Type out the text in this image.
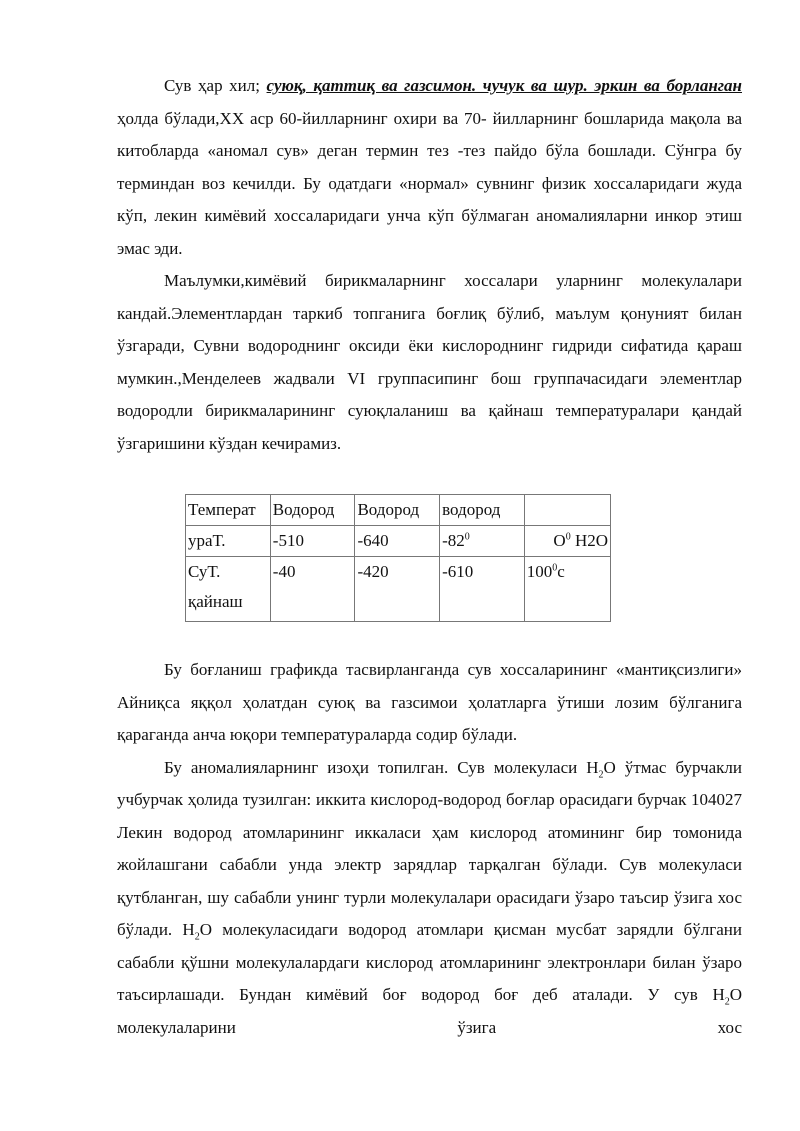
Сув ҳар хил; суюқ, қаттиқ ва газсимон. чучук ва шур. эркин ва борланган ҳолда бўлади,XX аср 60-йилларнинг охири ва 70- йилларнинг бошларида мақола ва китобларда «аномал сув» деган термин тез -тез пайдо бўла бошлади. Сўнгра бу терминдан воз кечилди. Бу одатдаги «нормал» сувнинг физик хоссаларидаги жуда кўп, лекин кимёвий хоссаларидаги унча кўп бўлмаган аномалияларни инкор этиш эмас эди.

Маълумки,кимёвий бирикмаларнинг хоссалари уларнинг молекулалари кандай.Элементлардан таркиб топганига боғлиқ бўлиб, маълум қонуният билан ўзгаради, Сувни водороднинг оксиди ёки кислороднинг гидриди сифатида қараш мумкин.,Менделеев жадвали VI группасипинг бош группачасидаги элементлар водородли бирикмаларининг суюқлаланиш ва қайнаш температуралари қандай ўзгаришини кўздан кечирамиз.

Температ	Водород	Водород	водород	
ураТ.	-510	-640	$-82^0$	$O^0$ H2O
СуТ.
қайнаш	-40	-420	-610	$100^0c$

Бу боғланиш графикда тасвирланганда сув хоссаларининг «мантиқсизлиги» Айниқса яққол ҳолатдан суюқ ва газсимои ҳолатларга ўтиши лозим бўлганига қараганда анча юқори температураларда содир бўлади.

Бу аномалияларнинг изоҳи топилган. Сув молекуласи $H_2O$ ўтмас бурчакли учбурчак ҳолида тузилган: иккита кислород-водород боғлар орасидаги бурчак 104027 Лекин водород атомларининг иккаласи ҳам кислород атомининг бир томонида жойлашгани сабабли унда электр зарядлар тарқалган бўлади. Сув молекуласи қутбланган, шу сабабли унинг турли молекулалари орасидаги ўзаро таъсир ўзига хос бўлади. $H_2O$ молекуласидаги водород атомлари қисман мусбат зарядли бўлгани сабабли қўшни молекулалардаги кислород атомларининг электронлари билан ўзаро таъсирлашади. Бундан кимёвий боғ водород боғ деб аталади. У сув $H_2O$ молекулаларини ўзига хос
